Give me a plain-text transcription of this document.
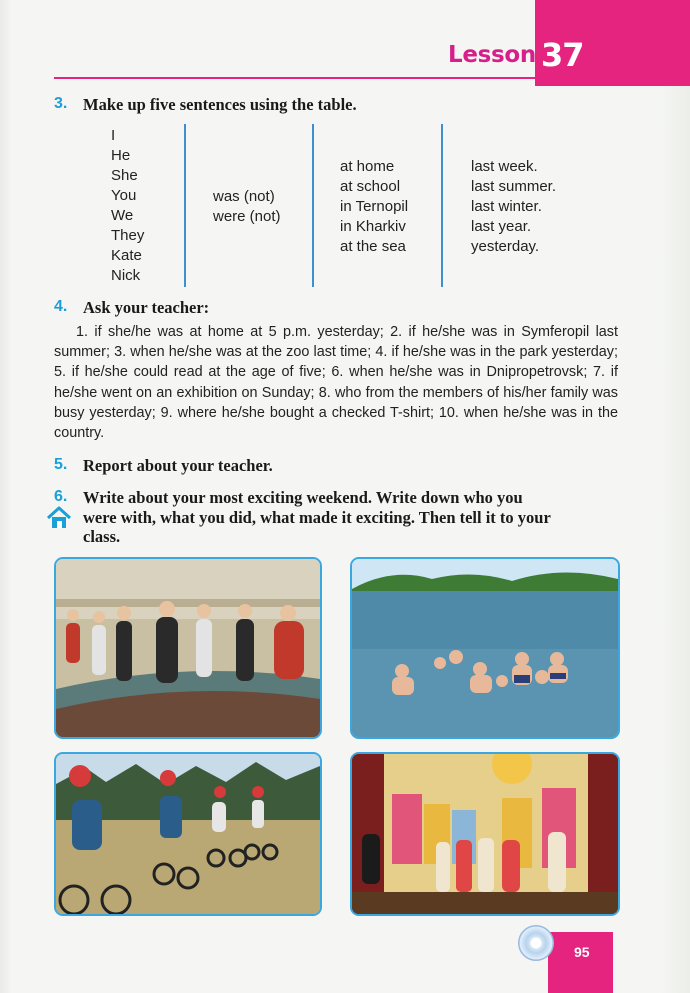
Lesson 37
3. Make up five sentences using the table.
I
He
She
You
We
They
Kate
Nick
was (not)
were (not)
at home
at school
in Ternopil
in Kharkiv
at the sea
last week.
last summer.
last winter.
last year.
yesterday.
4. Ask your teacher:
1. if she/he was at home at 5 p.m. yesterday; 2. if he/she was in Symferopil last summer; 3. when he/she was at the zoo last time; 4. if he/she was in the park yesterday; 5. if he/she could read at the age of five; 6. when he/she was in Dnipropetrovsk; 7. if he/she went on an exhibition on Sunday; 8. who from the members of his/her family was busy yesterday; 9. where he/she bought a checked T-shirt; 10. when he/she was in the country.
5. Report about your teacher.
6. Write about your most exciting weekend. Write down who you
were with, what you did, what made it exciting. Then tell it to your
class.
95
